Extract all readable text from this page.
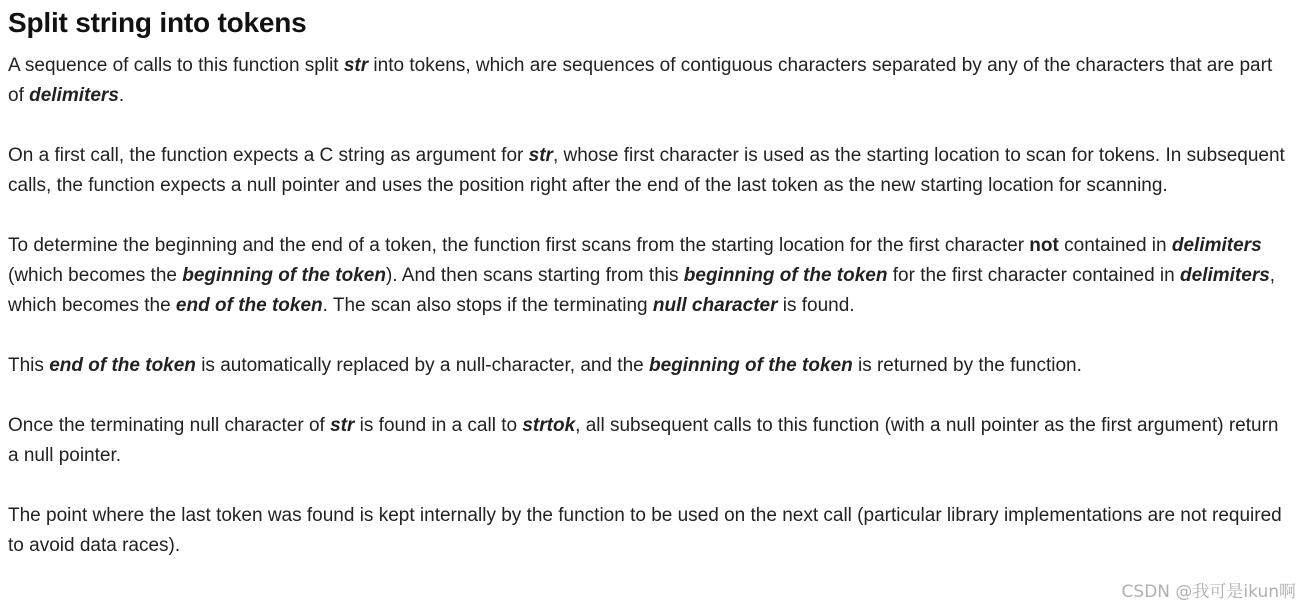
Split string into tokens

A sequence of calls to this function split str into tokens, which are sequences of contiguous characters separated by any of the characters that are part of delimiters.

On a first call, the function expects a C string as argument for str, whose first character is used as the starting location to scan for tokens. In subsequent calls, the function expects a null pointer and uses the position right after the end of the last token as the new starting location for scanning.

To determine the beginning and the end of a token, the function first scans from the starting location for the first character not contained in delimiters (which becomes the beginning of the token). And then scans starting from this beginning of the token for the first character contained in delimiters, which becomes the end of the token. The scan also stops if the terminating null character is found.

This end of the token is automatically replaced by a null-character, and the beginning of the token is returned by the function.

Once the terminating null character of str is found in a call to strtok, all subsequent calls to this function (with a null pointer as the first argument) return a null pointer.

The point where the last token was found is kept internally by the function to be used on the next call (particular library implementations are not required to avoid data races).

CSDN @我可是ikun啊
